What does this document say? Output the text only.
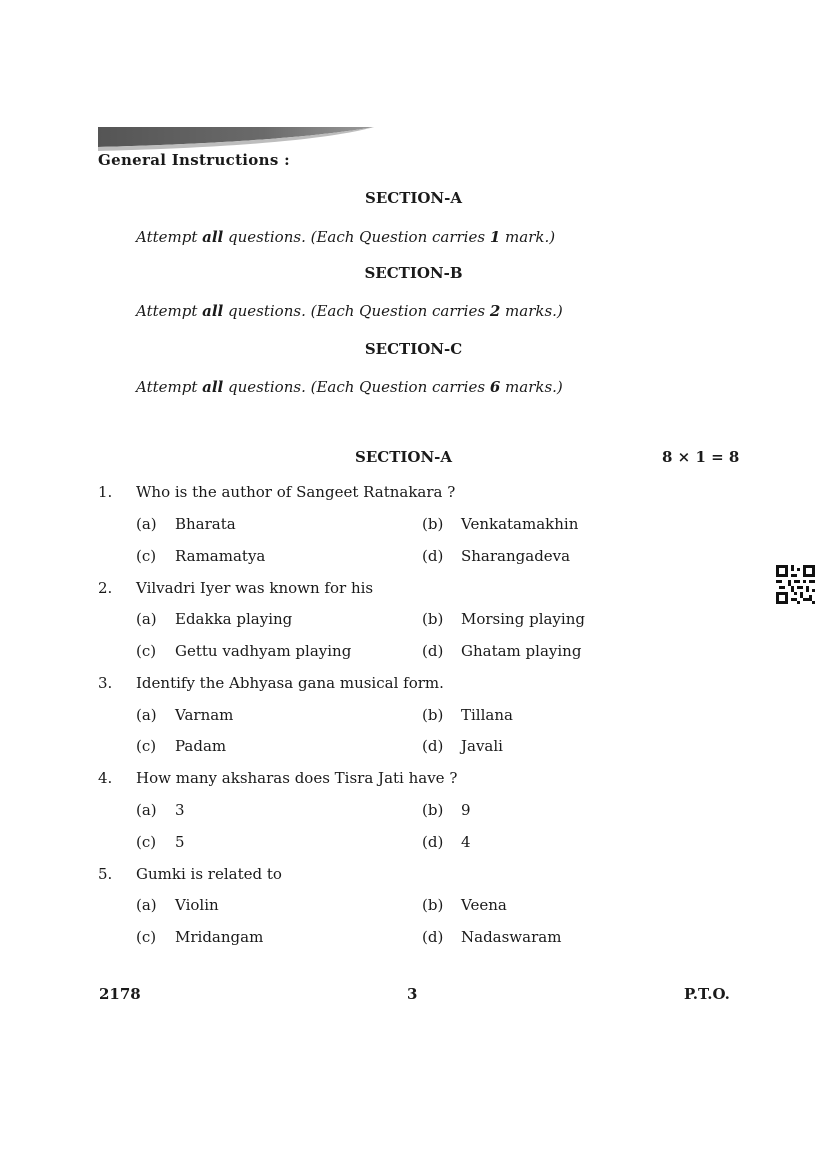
General Instructions :
SECTION-A
Attempt all questions. (Each Question carries 1 mark.)
SECTION-B
Attempt all questions. (Each Question carries 2 marks.)
SECTION-C
Attempt all questions. (Each Question carries 6 marks.)
SECTION-A	8 × 1 = 8
1. Who is the author of Sangeet Ratnakara ?
(a) Bharata	(b) Venkatamakhin
(c) Ramamatya	(d) Sharangadeva
2. Vilvadri Iyer was known for his
(a) Edakka playing	(b) Morsing playing
(c) Gettu vadhyam playing	(d) Ghatam playing
3. Identify the Abhyasa gana musical form.
(a) Varnam	(b) Tillana
(c) Padam	(d) Javali
4. How many aksharas does Tisra Jati have ?
(a) 3	(b) 9
(c) 5	(d) 4
5. Gumki is related to
(a) Violin	(b) Veena
(c) Mridangam	(d) Nadaswaram
2178	3	P.T.O.
